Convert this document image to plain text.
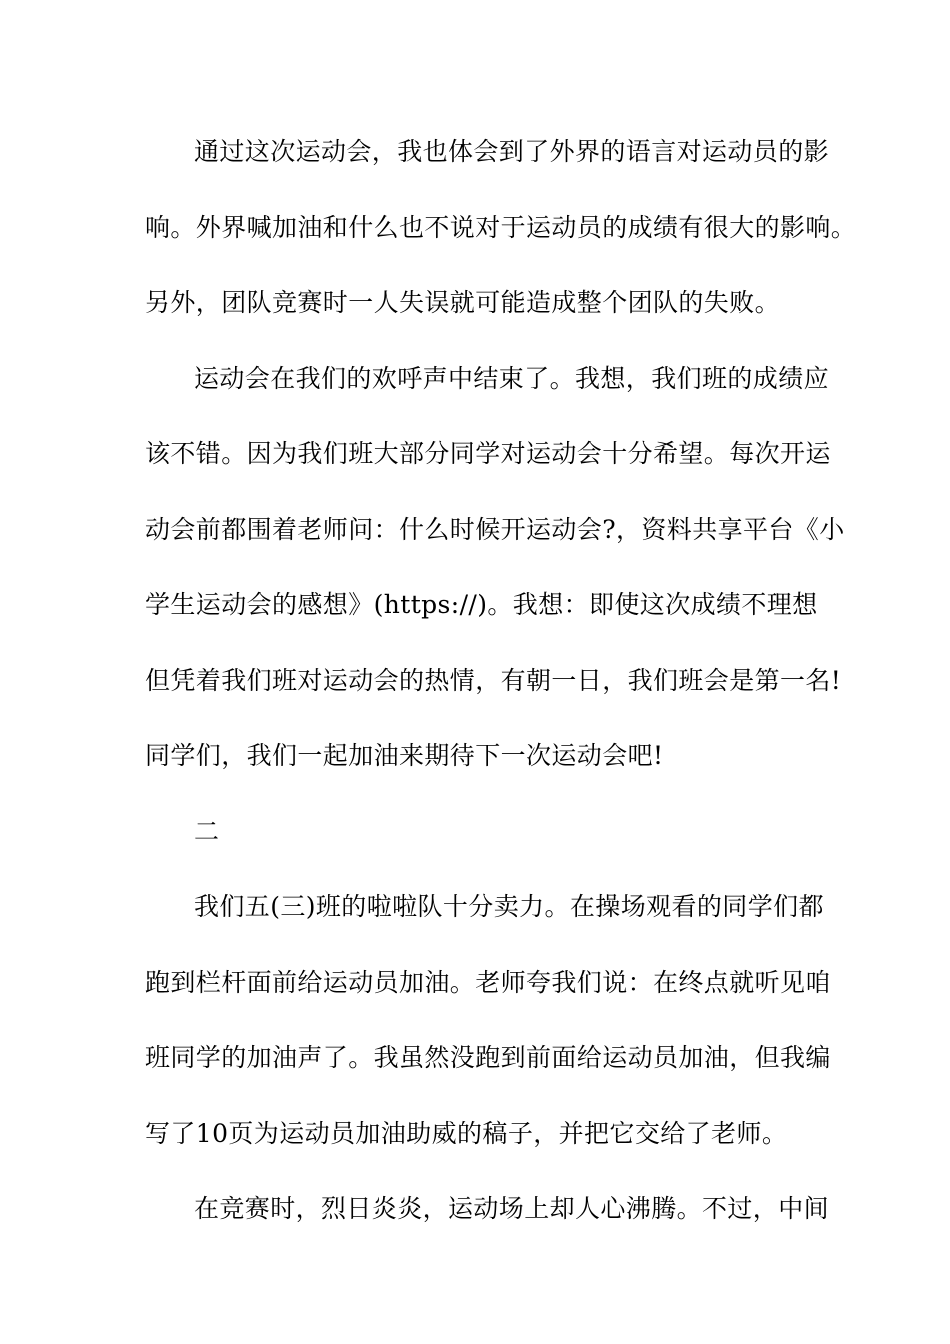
通过这次运动会，我也体会到了外界的语言对运动员的影
响。外界喊加油和什么也不说对于运动员的成绩有很大的影响。
另外，团队竞赛时一人失误就可能造成整个团队的失败。
运动会在我们的欢呼声中结束了。我想，我们班的成绩应
该不错。因为我们班大部分同学对运动会十分希望。每次开运
动会前都围着老师问：什么时候开运动会?，资料共享平台《小
学生运动会的感想》(https://)。我想：即使这次成绩不理想
但凭着我们班对运动会的热情，有朝一日，我们班会是第一名!
同学们，我们一起加油来期待下一次运动会吧!
二
我们五(三)班的啦啦队十分卖力。在操场观看的同学们都
跑到栏杆面前给运动员加油。老师夸我们说：在终点就听见咱
班同学的加油声了。我虽然没跑到前面给运动员加油，但我编
写了10页为运动员加油助威的稿子，并把它交给了老师。
在竞赛时，烈日炎炎，运动场上却人心沸腾。不过，中间
